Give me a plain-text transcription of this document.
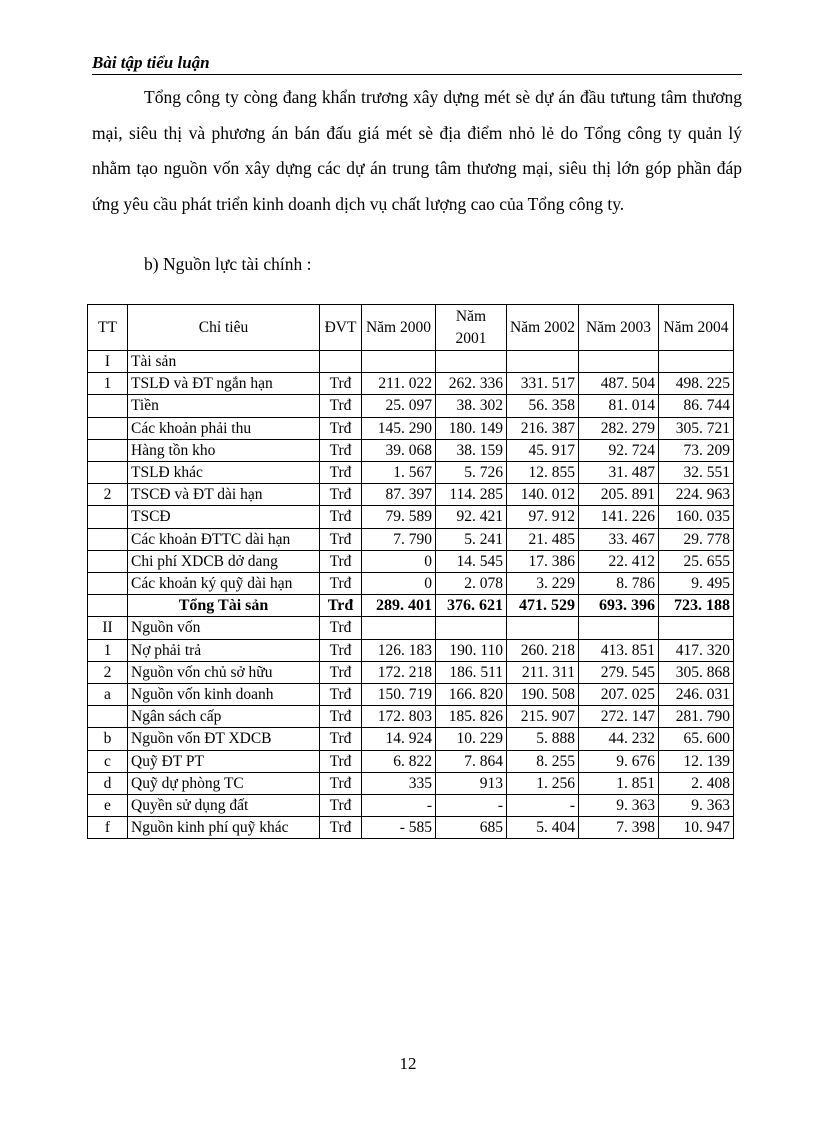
Bài tập tiểu luận

Tổng công ty còng đang khẩn trương xây dựng mét sè dự án đầu tưtung tâm thương mại, siêu thị và phương án bán đấu giá mét sè địa điểm nhỏ lẻ do Tổng công ty quản lý nhằm tạo nguồn vốn xây dựng các dự án trung tâm thương mại, siêu thị lớn góp phần đáp ứng yêu cầu phát triển kinh doanh dịch vụ chất lượng cao của Tổng công ty.

b) Nguồn lực tài chính :
TT	Chỉ tiêu	ĐVT	Năm 2000	Năm 2001	Năm 2002	Năm 2003	Năm 2004
I	Tài sản						
1	TSLĐ và ĐT ngắn hạn	Trđ	211. 022	262. 336	331. 517	487. 504	498. 225
	Tiền	Trđ	25. 097	38. 302	56. 358	81. 014	86. 744
	Các khoản phải thu	Trđ	145. 290	180. 149	216. 387	282. 279	305. 721
	Hàng tồn kho	Trđ	39. 068	38. 159	45. 917	92. 724	73. 209
	TSLĐ khác	Trđ	1. 567	5. 726	12. 855	31. 487	32. 551
2	TSCĐ và ĐT dài hạn	Trđ	87. 397	114. 285	140. 012	205. 891	224. 963
	TSCĐ	Trđ	79. 589	92. 421	97. 912	141. 226	160. 035
	Các khoản ĐTTC dài hạn	Trđ	7. 790	5. 241	21. 485	33. 467	29. 778
	Chi phí XDCB dở dang	Trđ	0	14. 545	17. 386	22. 412	25. 655
	Các khoản ký quỹ dài hạn	Trđ	0	2. 078	3. 229	8. 786	9. 495
	Tổng Tài sản	Trđ	289. 401	376. 621	471. 529	693. 396	723. 188
II	Nguồn vốn	Trđ					
1	Nợ phải trả	Trđ	126. 183	190. 110	260. 218	413. 851	417. 320
2	Nguồn vốn chủ sở hữu	Trđ	172. 218	186. 511	211. 311	279. 545	305. 868
a	Nguồn vốn kinh doanh	Trđ	150. 719	166. 820	190. 508	207. 025	246. 031
	Ngân sách cấp	Trđ	172. 803	185. 826	215. 907	272. 147	281. 790
b	Nguồn vốn ĐT XDCB	Trđ	14. 924	10. 229	5. 888	44. 232	65. 600
c	Quỹ ĐT PT	Trđ	6. 822	7. 864	8. 255	9. 676	12. 139
d	Quỹ dự phòng TC	Trđ	335	913	1. 256	1. 851	2. 408
e	Quyền sử dụng đất	Trđ	-	-	-	9. 363	9. 363
f	Nguồn kinh phí quỹ khác	Trđ	- 585	685	5. 404	7. 398	10. 947
12
